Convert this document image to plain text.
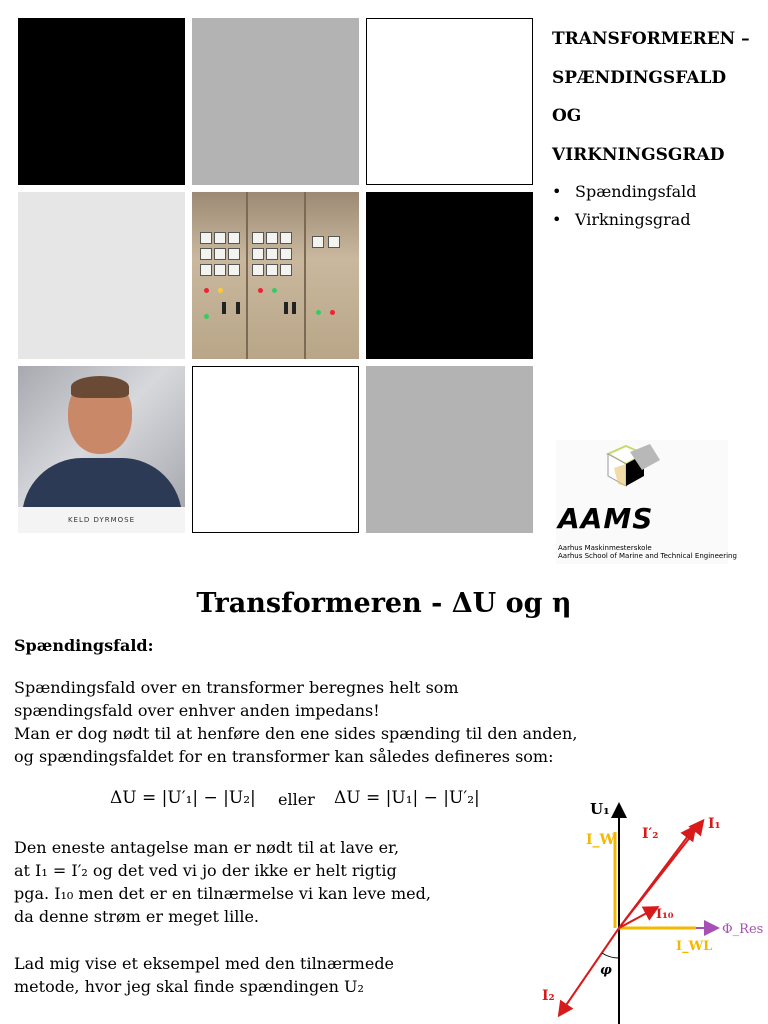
KELD DYRMOSE
TRANSFORMEREN –
SPÆNDINGSFALD
OG
VIRKNINGSGRAD
• Spændingsfald
• Virkningsgrad
AAMS
Aarhus Maskinmesterskole
Aarhus School of Marine and Technical Engineering
Transformeren - ΔU og η
Spændingsfald:
Spændingsfald over en transformer beregnes helt som
spændingsfald over enhver anden impedans!
Man er dog nødt til at henføre den ene sides spænding til den anden,
og spændingsfaldet for en transformer kan således defineres som:
ΔU = |U′₁| − |U₂| eller ΔU = |U₁| − |U′₂|
Den eneste antagelse man er nødt til at lave er,
at I₁ = I′₂ og det ved vi jo der ikke er helt rigtig
pga. I₁₀ men det er en tilnærmelse vi kan leve med,
da denne strøm er meget lille.
Lad mig vise et eksempel med den tilnærmede
metode, hvor jeg skal finde spændingen U₂
U₁
I_W I′₂
I₁
I₁₀
Φ_Res
I_WL
φ
I₂
